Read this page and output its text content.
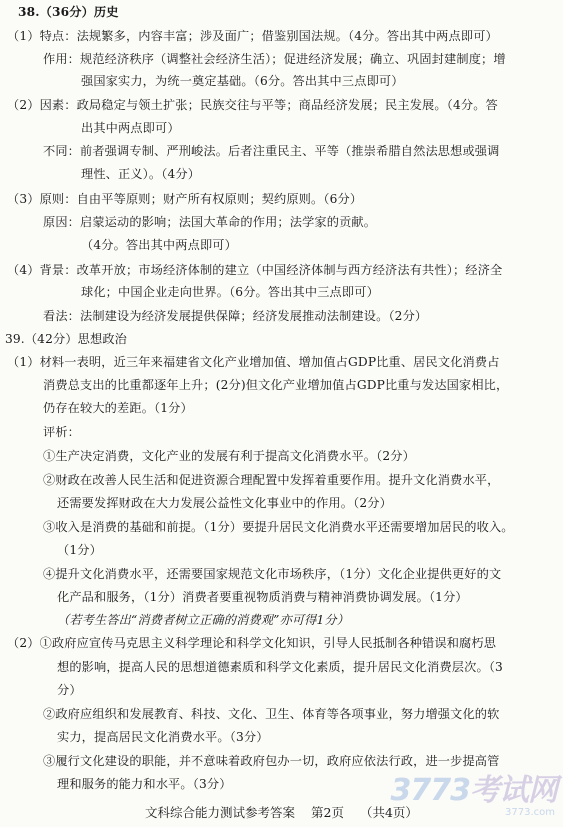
38.（36分）历史
（1）特点：法规繁多，内容丰富；涉及面广；借鉴别国法规。（4分。答出其中两点即可）
作用：规范经济秩序（调整社会经济生活）；促进经济发展；确立、巩固封建制度；增
强国家实力，为统一奠定基础。（6分。答出其中三点即可）
（2）因素：政局稳定与领土扩张；民族交往与平等；商品经济发展；民主发展。（4分。答
出其中两点即可）
不同：前者强调专制、严刑峻法。后者注重民主、平等（推崇希腊自然法思想或强调
理性、正义）。（4分）
（3）原则：自由平等原则；财产所有权原则；契约原则。（6分）
原因：启蒙运动的影响；法国大革命的作用；法学家的贡献。
（4分。答出其中两点即可）
（4）背景：改革开放；市场经济体制的建立（中国经济体制与西方经济法有共性）；经济全
球化；中国企业走向世界。（6分。答出其中三点即可）
看法：法制建设为经济发展提供保障；经济发展推动法制建设。（2分）
39.（42分）思想政治
（1）材料一表明，近三年来福建省文化产业增加值、增加值占GDP比重、居民文化消费占
消费总支出的比重都逐年上升；(2分)但文化产业增加值占GDP比重与发达国家相比，
仍存在较大的差距。（1分）
评析：
①生产决定消费，文化产业的发展有利于提高文化消费水平。（2分）
②财政在改善人民生活和促进资源合理配置中发挥着重要作用。提升文化消费水平，
还需要发挥财政在大力发展公益性文化事业中的作用。（2分）
③收入是消费的基础和前提。（1分）要提升居民文化消费水平还需要增加居民的收入。
（1分）
④提升文化消费水平，还需要国家规范文化市场秩序，（1分）文化企业提供更好的文
化产品和服务，（1分）消费者要重视物质消费与精神消费协调发展。（1分）
（若考生答出“消费者树立正确的消费观”亦可得1分）
（2）①政府应宣传马克思主义科学理论和科学文化知识，引导人民抵制各种错误和腐朽思
想的影响，提高人民的思想道德素质和科学文化素质，提升居民文化消费层次。（3
分）
②政府应组织和发展教育、科技、文化、卫生、体育等各项事业，努力增强文化的软
实力，提高居民文化消费水平。（3分）
③履行文化建设的职能，并不意味着政府包办一切，政府应依法行政，进一步提高管
理和服务的能力和水平。（3分）
文科综合能力测试参考答案 第2页 （共4页）
3773考试网
3773.com
